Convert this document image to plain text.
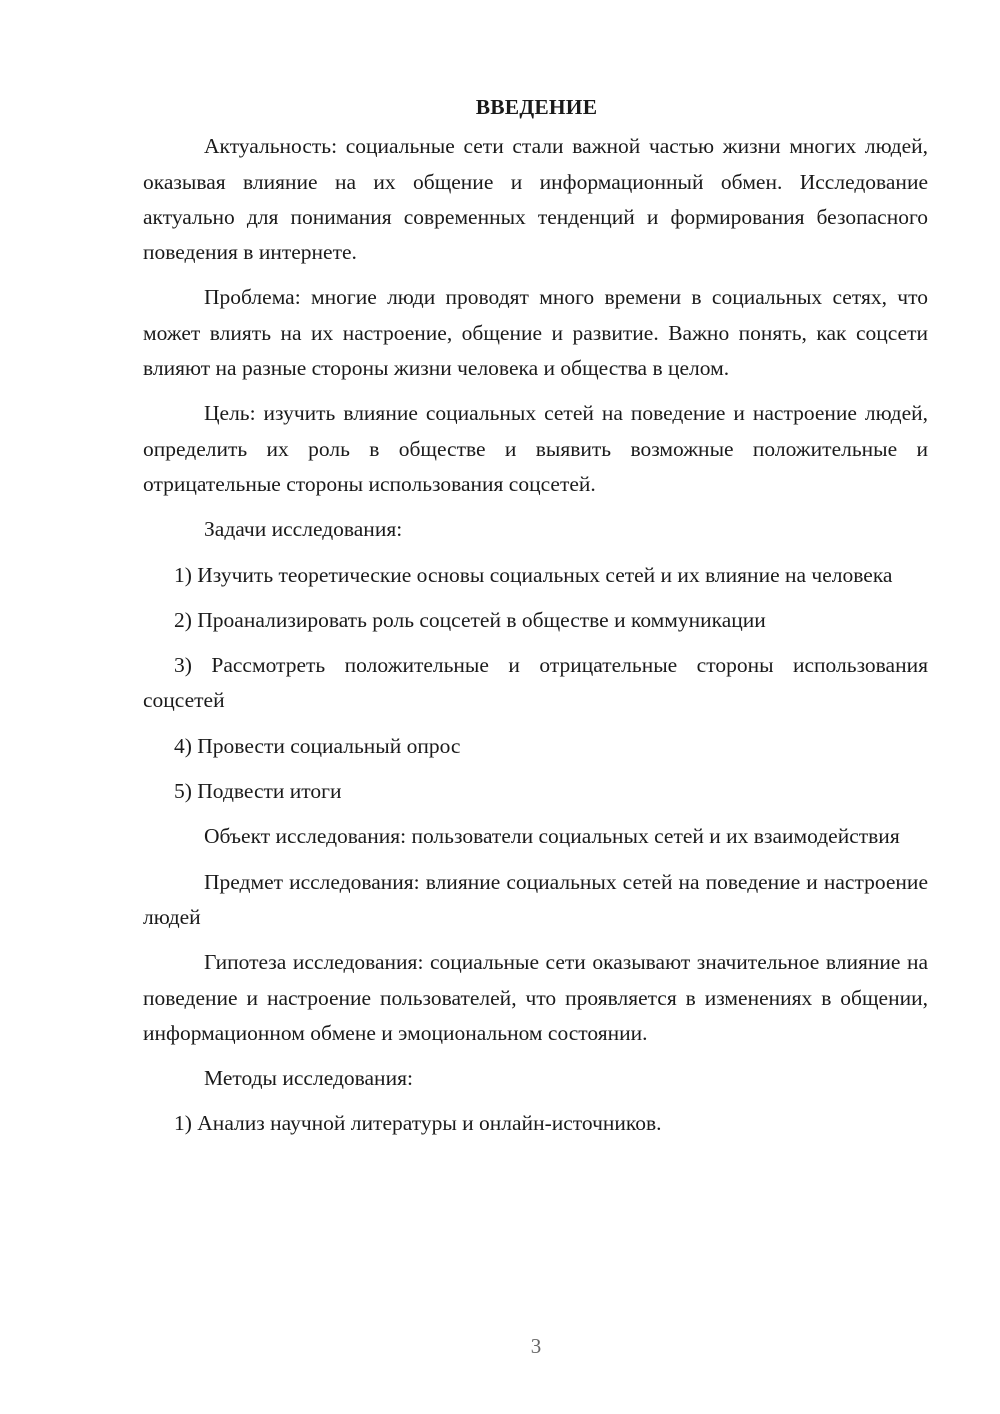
ВВЕДЕНИЕ

Актуальность: социальные сети стали важной частью жизни многих людей, оказывая влияние на их общение и информационный обмен. Исследование актуально для понимания современных тенденций и формирования безопасного поведения в интернете.

Проблема: многие люди проводят много времени в социальных сетях, что может влиять на их настроение, общение и развитие. Важно понять, как соцсети влияют на разные стороны жизни человека и общества в целом.

Цель: изучить влияние социальных сетей на поведение и настроение людей, определить их роль в обществе и выявить возможные положительные и отрицательные стороны использования соцсетей.

Задачи исследования:

1) Изучить теоретические основы социальных сетей и их влияние на человека

2) Проанализировать роль соцсетей в обществе и коммуникации

3) Рассмотреть положительные и отрицательные стороны использования соцсетей

4) Провести социальный опрос

5) Подвести итоги

Объект исследования: пользователи социальных сетей и их взаимодействия

Предмет исследования: влияние социальных сетей на поведение и настроение людей

Гипотеза исследования: социальные сети оказывают значительное влияние на поведение и настроение пользователей, что проявляется в изменениях в общении, информационном обмене и эмоциональном состоянии.

Методы исследования:

1) Анализ научной литературы и онлайн-источников.

3
